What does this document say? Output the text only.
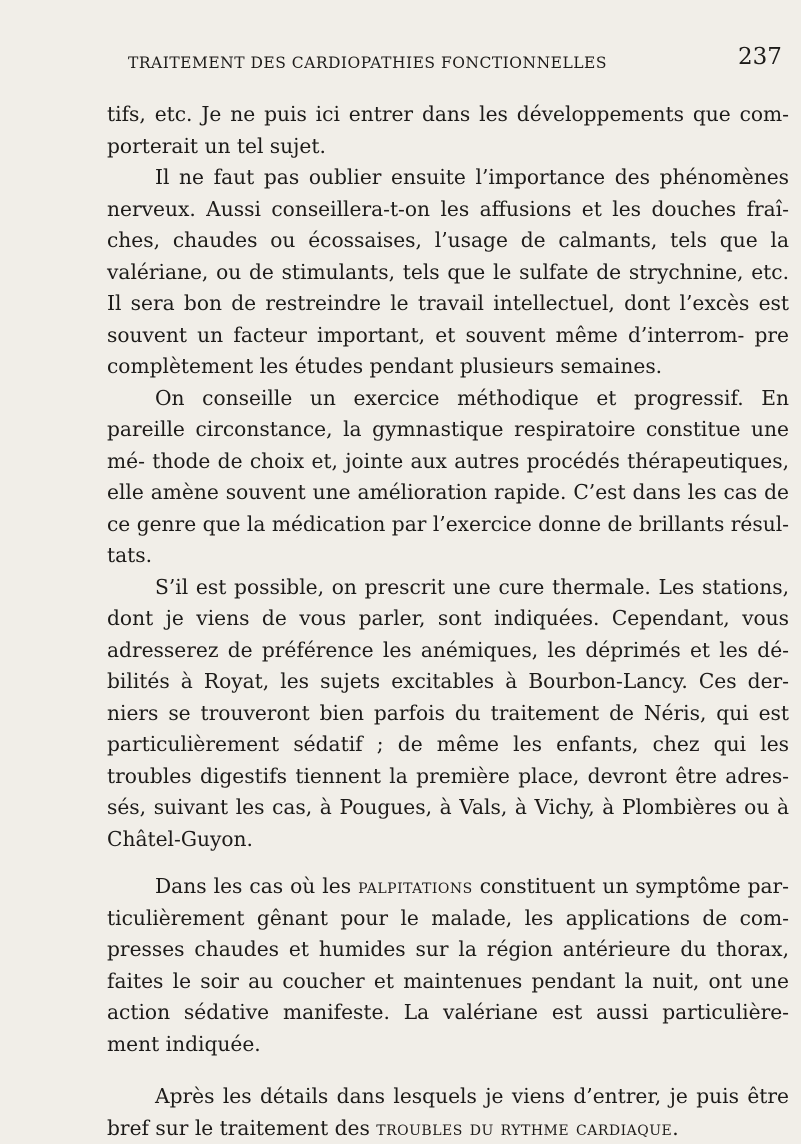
TRAITEMENT DES CARDIOPATHIES FONCTIONNELLES	237

tifs, etc. Je ne puis ici entrer dans les développements que com- porterait un tel sujet.

Il ne faut pas oublier ensuite l’importance des phénomènes nerveux. Aussi conseillera-t-on les affusions et les douches fraî- ches, chaudes ou écossaises, l’usage de calmants, tels que la valériane, ou de stimulants, tels que le sulfate de strychnine, etc. Il sera bon de restreindre le travail intellectuel, dont l’excès est souvent un facteur important, et souvent même d’interrom- pre complètement les études pendant plusieurs semaines.

On conseille un exercice méthodique et progressif. En pareille circonstance, la gymnastique respiratoire constitue une mé- thode de choix et, jointe aux autres procédés thérapeutiques, elle amène souvent une amélioration rapide. C’est dans les cas de ce genre que la médication par l’exercice donne de brillants résul- tats.

S’il est possible, on prescrit une cure thermale. Les stations, dont je viens de vous parler, sont indiquées. Cependant, vous adresserez de préférence les anémiques, les déprimés et les dé- bilités à Royat, les sujets excitables à Bourbon-Lancy. Ces der- niers se trouveront bien parfois du traitement de Néris, qui est particulièrement sédatif ; de même les enfants, chez qui les troubles digestifs tiennent la première place, devront être adres- sés, suivant les cas, à Pougues, à Vals, à Vichy, à Plombières ou à Châtel-Guyon.

Dans les cas où les palpitations constituent un symptôme par- ticulièrement gênant pour le malade, les applications de com- presses chaudes et humides sur la région antérieure du thorax, faites le soir au coucher et maintenues pendant la nuit, ont une action sédative manifeste. La valériane est aussi particulière- ment indiquée.

Après les détails dans lesquels je viens d’entrer, je puis être bref sur le traitement des troubles du rythme cardiaque.
